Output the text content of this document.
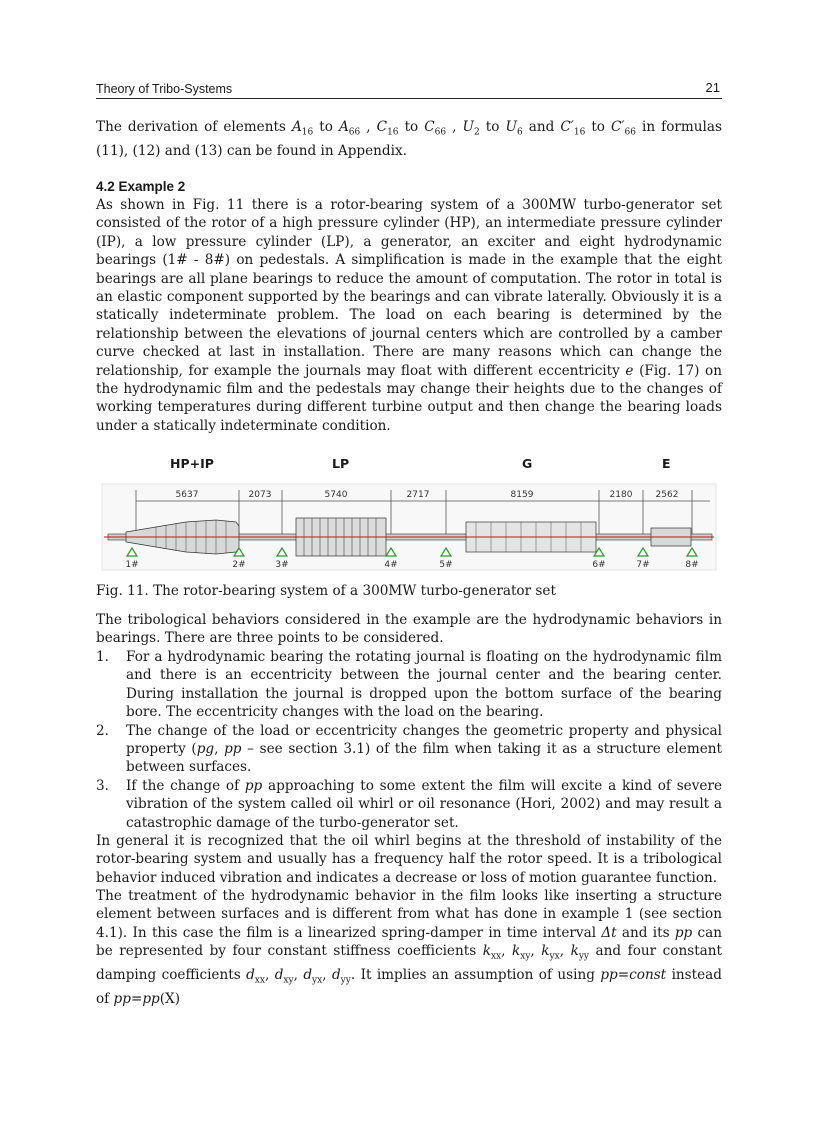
Theory of Tribo-Systems	21
The derivation of elements $A_{16}$ to $A_{66}$ , $C_{16}$ to $C_{66}$ , $U_2$ to $U_6$ and $C'_{16}$ to $C'_{66}$ in formulas (11), (12) and (13) can be found in Appendix.
4.2 Example 2
As shown in Fig. 11 there is a rotor-bearing system of a 300MW turbo-generator set consisted of the rotor of a high pressure cylinder (HP), an intermediate pressure cylinder (IP), a low pressure cylinder (LP), a generator, an exciter and eight hydrodynamic bearings (1# - 8#) on pedestals. A simplification is made in the example that the eight bearings are all plane bearings to reduce the amount of computation. The rotor in total is an elastic component supported by the bearings and can vibrate laterally. Obviously it is a statically indeterminate problem. The load on each bearing is determined by the relationship between the elevations of journal centers which are controlled by a camber curve checked at last in installation. There are many reasons which can change the relationship, for example the journals may float with different eccentricity e (Fig. 17) on the hydrodynamic film and the pedestals may change their heights due to the changes of working temperatures during different turbine output and then change the bearing loads under a statically indeterminate condition.
HP+IP	LP	G	E
5637	2073	5740	2717	8159	2180	2562
1#	2#	3#	4#	5#	6#	7#	8#
Fig. 11. The rotor-bearing system of a 300MW turbo-generator set
The tribological behaviors considered in the example are the hydrodynamic behaviors in bearings. There are three points to be considered.
1. For a hydrodynamic bearing the rotating journal is floating on the hydrodynamic film and there is an eccentricity between the journal center and the bearing center. During installation the journal is dropped upon the bottom surface of the bearing bore. The eccentricity changes with the load on the bearing.
2. The change of the load or eccentricity changes the geometric property and physical property (pg, pp – see section 3.1) of the film when taking it as a structure element between surfaces.
3. If the change of pp approaching to some extent the film will excite a kind of severe vibration of the system called oil whirl or oil resonance (Hori, 2002) and may result a catastrophic damage of the turbo-generator set.
In general it is recognized that the oil whirl begins at the threshold of instability of the rotor-bearing system and usually has a frequency half the rotor speed. It is a tribological behavior induced vibration and indicates a decrease or loss of motion guarantee function.
The treatment of the hydrodynamic behavior in the film looks like inserting a structure element between surfaces and is different from what has done in example 1 (see section 4.1). In this case the film is a linearized spring-damper in time interval Δt and its pp can be represented by four constant stiffness coefficients $k_{xx}$, $k_{xy}$, $k_{yx}$, $k_{yy}$ and four constant damping coefficients $d_{xx}$, $d_{xy}$, $d_{yx}$, $d_{yy}$. It implies an assumption of using pp=const instead of pp=pp(X)
